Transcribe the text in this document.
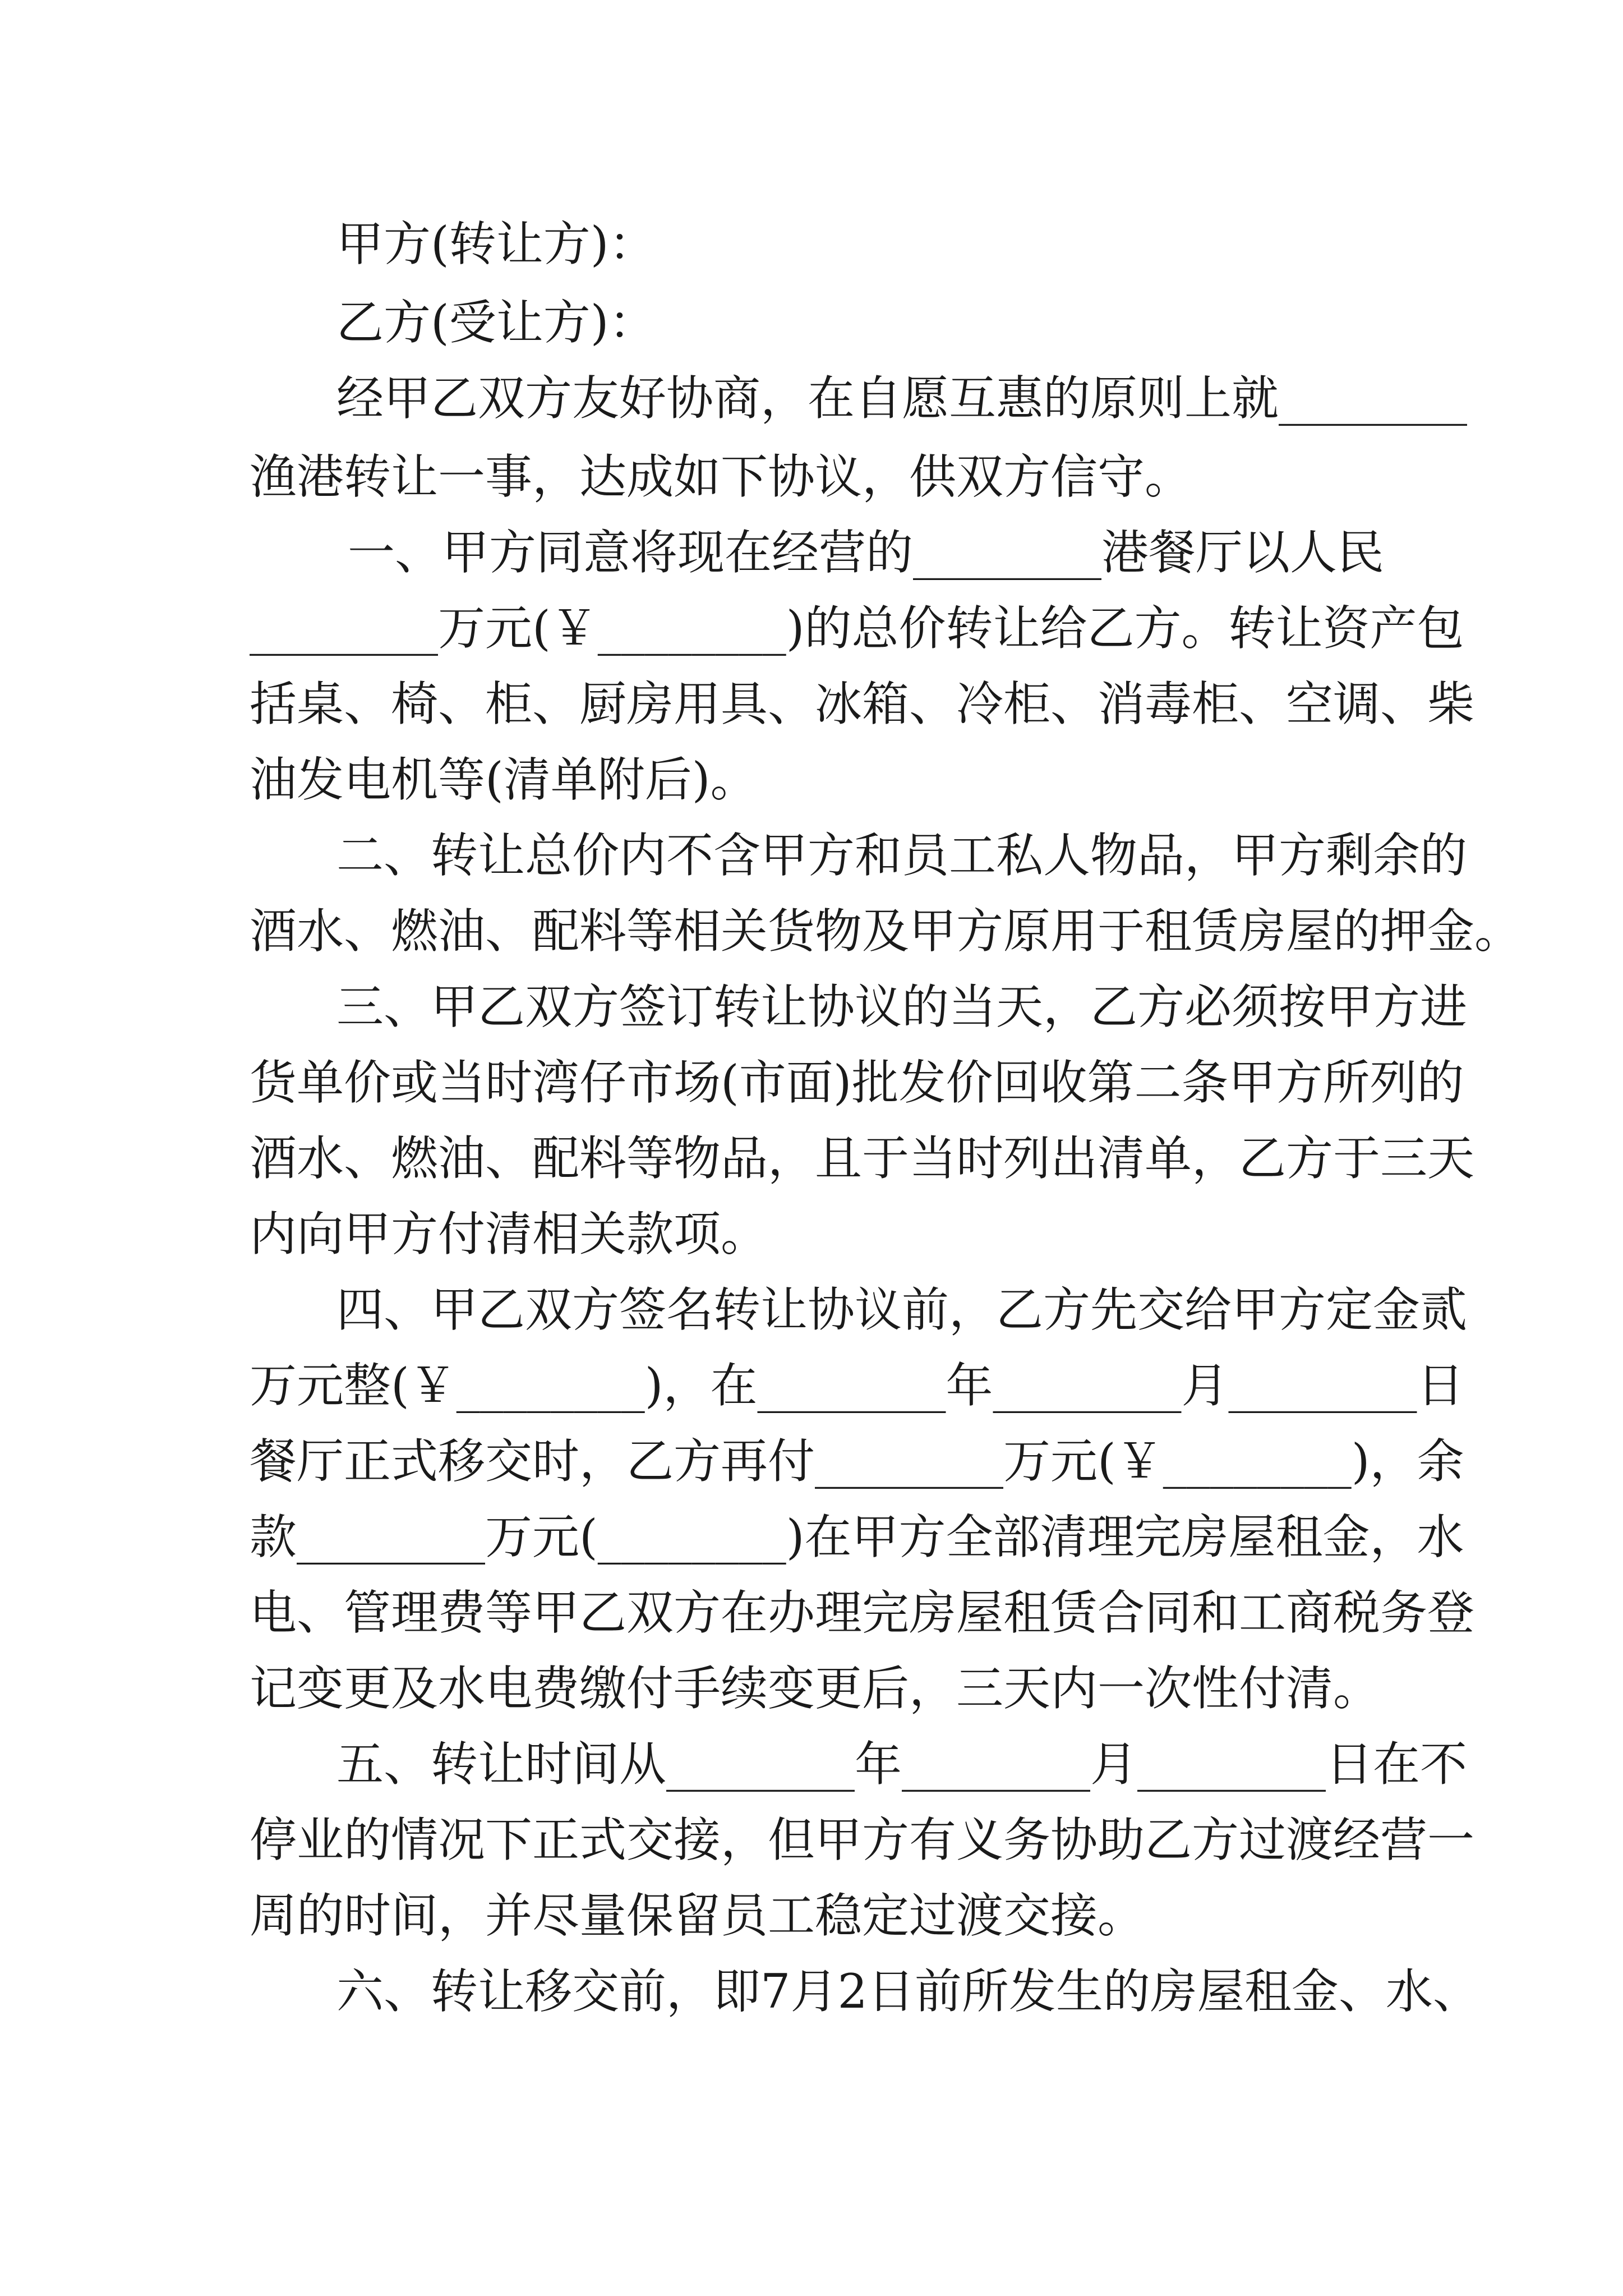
甲方(转让方)：
乙方(受让方)：
经甲乙双方友好协商，在自愿互惠的原则上就________
渔港转让一事，达成如下协议，供双方信守。
一、甲方同意将现在经营的________港餐厅以人民
________万元(￥________)的总价转让给乙方。转让资产包
括桌、椅、柜、厨房用具、冰箱、冷柜、消毒柜、空调、柴
油发电机等(清单附后)。
二、转让总价内不含甲方和员工私人物品，甲方剩余的
酒水、燃油、配料等相关货物及甲方原用于租赁房屋的押金。
三、甲乙双方签订转让协议的当天，乙方必须按甲方进
货单价或当时湾仔市场(市面)批发价回收第二条甲方所列的
酒水、燃油、配料等物品，且于当时列出清单，乙方于三天
内向甲方付清相关款项。
四、甲乙双方签名转让协议前，乙方先交给甲方定金贰
万元整(￥________)，在________年________月________日
餐厅正式移交时，乙方再付________万元(￥________)，余
款________万元(________)在甲方全部清理完房屋租金，水
电、管理费等甲乙双方在办理完房屋租赁合同和工商税务登
记变更及水电费缴付手续变更后，三天内一次性付清。
五、转让时间从________年________月________日在不
停业的情况下正式交接，但甲方有义务协助乙方过渡经营一
周的时间，并尽量保留员工稳定过渡交接。
六、转让移交前，即7月2日前所发生的房屋租金、水、
